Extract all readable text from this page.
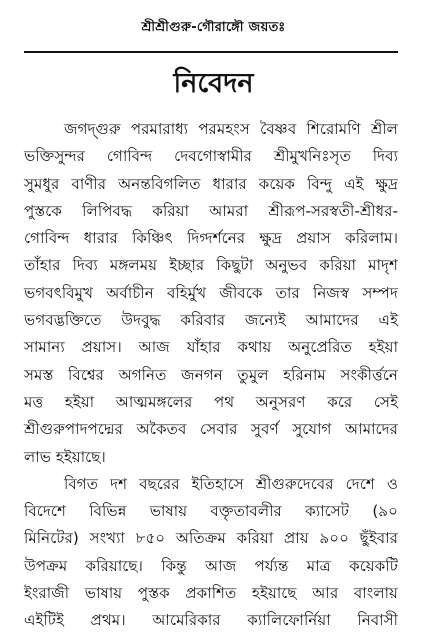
শ্রীশ্রীগুরু-গৌরাঙ্গৌ জয়তঃ
নিবেদন

জগদ্গুরু পরমারাধ্য পরমহংস বৈষ্ণব শিরোমণি শ্রীল
ভক্তিসুন্দর গোবিন্দ দেবগোস্বামীর শ্রীমুখনিঃসৃত দিব্য
সুমধুর বাণীর অনন্তবিগলিত ধারার কয়েক বিন্দু এই ক্ষুদ্র
পুস্তকে লিপিবদ্ধ করিয়া আমরা শ্রীরূপ-সরস্বতী-শ্রীধর-
গোবিন্দ ধারার কিঞ্চিৎ দিগ্দর্শনের ক্ষুদ্র প্রয়াস করিলাম।
তাঁহার দিব্য মঙ্গলময় ইচ্ছার কিছুটা অনুভব করিয়া মাদৃশ
ভগবৎবিমুখ অর্বাচীন বহির্মুখ জীবকে তার নিজস্ব সম্পদ
ভগবদ্ভক্তিতে উদবুদ্ধ করিবার জন্যেই আমাদের এই
সামান্য প্রয়াস। আজ যাঁহার কথায় অনুপ্রেরিত হইয়া
সমস্ত বিশ্বের অগনিত জনগন তুমুল হরিনাম সংকীর্ত্তনে
মত্ত হইয়া আত্মমঙ্গলের পথ অনুসরণ করে সেই
শ্রীগুরুপাদপদ্মের অকৈতব সেবার সুবর্ণ সুযোগ আমাদের
লাভ হইয়াছে।

বিগত দশ বছরের ইতিহাসে শ্রীগুরুদেবের দেশে ও
বিদেশে বিভিন্ন ভাষায় বক্তৃতাবলীর ক্যাসেট (৯০
মিনিটের) সংখ্যা ৮৫০ অতিক্রম করিয়া প্রায় ৯০০ ছুঁইবার
উপক্রম করিয়াছে। কিন্তু আজ পর্য্যন্ত মাত্র কয়েকটি
ইংরাজী ভাষায় পুস্তক প্রকাশিত হইয়াছে আর বাংলায়
এইটিই প্রথম। আমেরিকার ক্যালিফোর্নিয়া নিবাসী
